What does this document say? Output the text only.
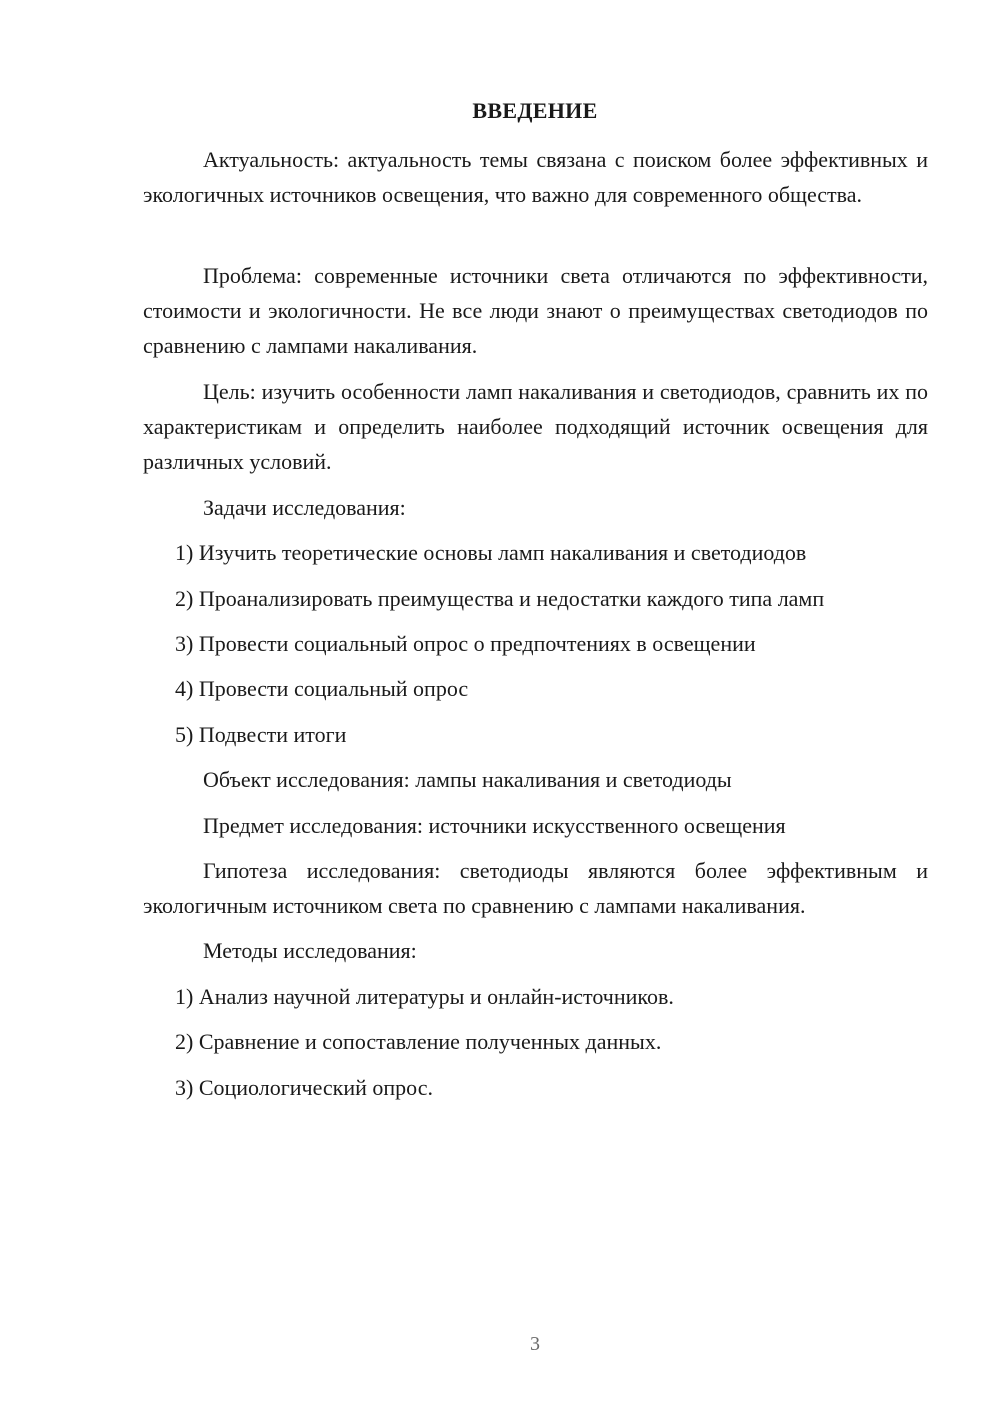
ВВЕДЕНИЕ

Актуальность: актуальность темы связана с поиском более эффективных и экологичных источников освещения, что важно для современного общества.

Проблема: современные источники света отличаются по эффективности, стоимости и экологичности. Не все люди знают о преимуществах светодиодов по сравнению с лампами накаливания.

Цель: изучить особенности ламп накаливания и светодиодов, сравнить их по характеристикам и определить наиболее подходящий источник освещения для различных условий.

Задачи исследования:

1) Изучить теоретические основы ламп накаливания и светодиодов

2) Проанализировать преимущества и недостатки каждого типа ламп

3) Провести социальный опрос о предпочтениях в освещении

4) Провести социальный опрос

5) Подвести итоги

Объект исследования: лампы накаливания и светодиоды

Предмет исследования: источники искусственного освещения

Гипотеза исследования: светодиоды являются более эффективным и экологичным источником света по сравнению с лампами накаливания.

Методы исследования:

1) Анализ научной литературы и онлайн-источников.

2) Сравнение и сопоставление полученных данных.

3) Социологический опрос.

3
